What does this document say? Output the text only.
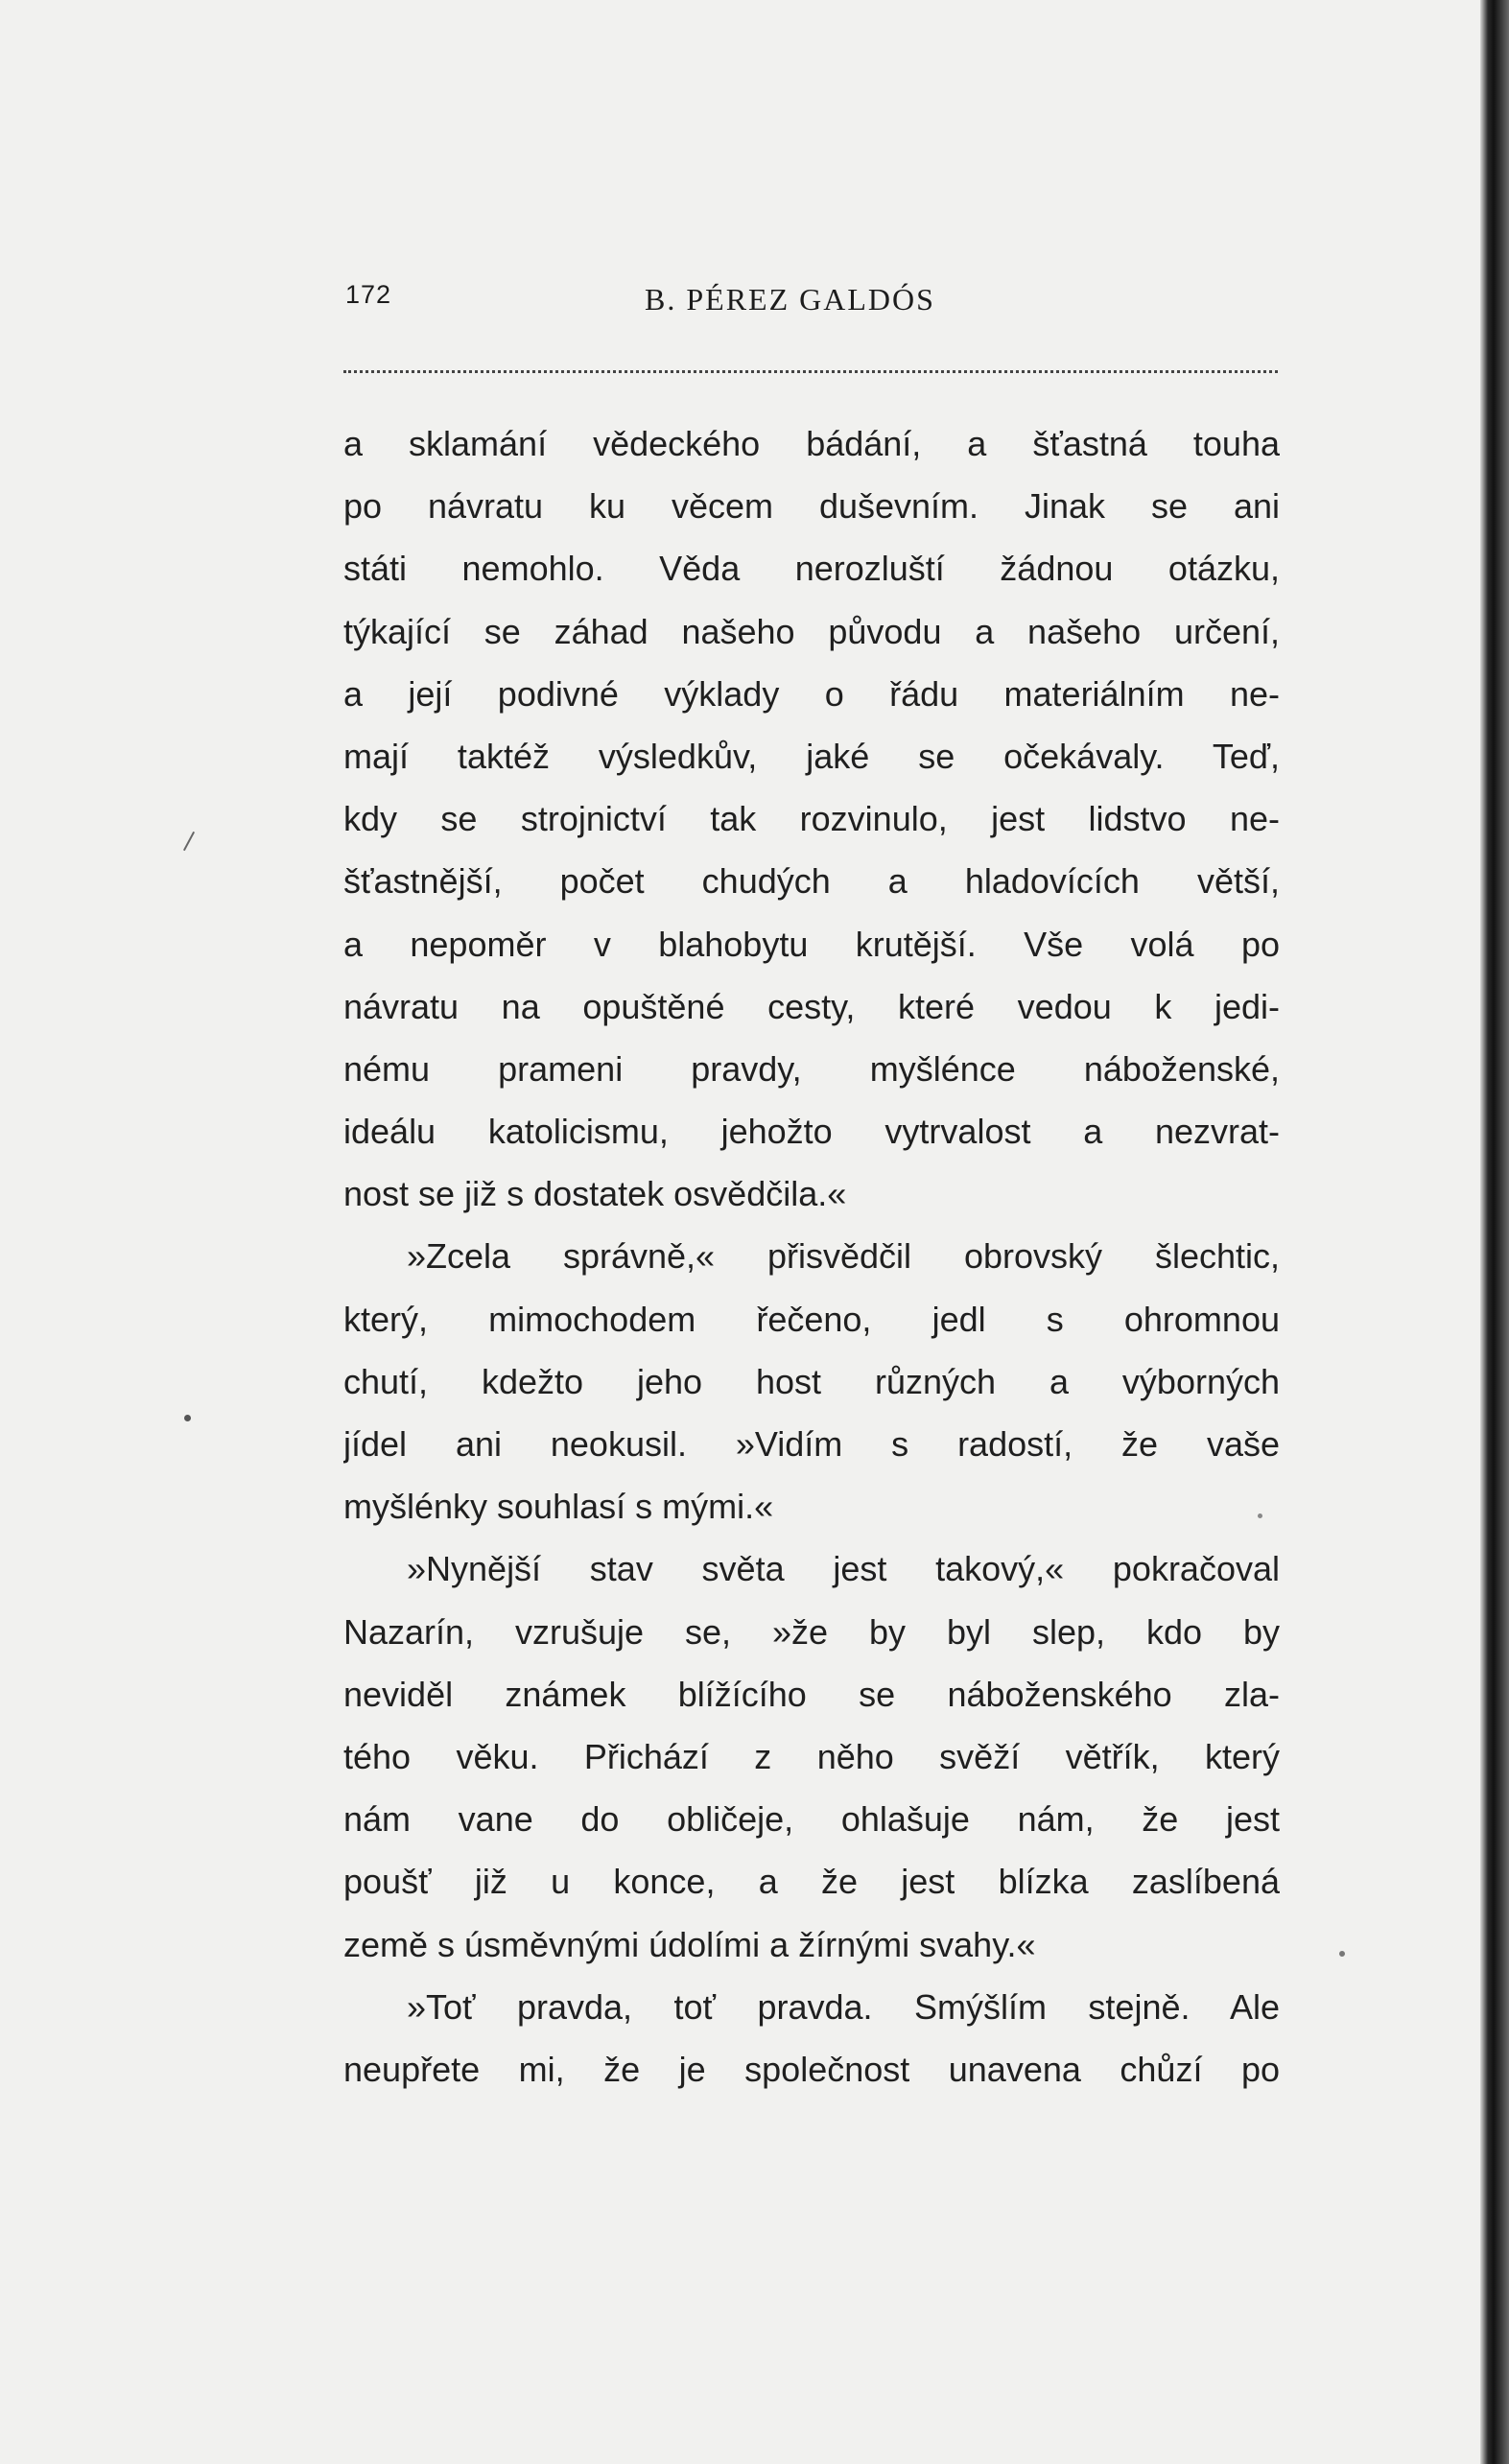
172	B. PÉREZ GALDÓS
a sklamání vědeckého bádání, a šťastná touha
po návratu ku věcem duševním. Jinak se ani
státi nemohlo. Věda nerozluští žádnou otázku,
týkající se záhad našeho původu a našeho určení,
a její podivné výklady o řádu materiálním ne-
mají taktéž výsledkův, jaké se očekávaly. Teď,
kdy se strojnictví tak rozvinulo, jest lidstvo ne-
šťastnější, počet chudých a hladovících větší,
a nepoměr v blahobytu krutější. Vše volá po
návratu na opuštěné cesty, které vedou k jedi-
nému prameni pravdy, myšlénce náboženské,
ideálu katolicismu, jehožto vytrvalost a nezvrat-
nost se již s dostatek osvědčila.«
»Zcela správně,« přisvědčil obrovský šlechtic,
který, mimochodem řečeno, jedl s ohromnou
chutí, kdežto jeho host různých a výborných
jídel ani neokusil. »Vidím s radostí, že vaše
myšlénky souhlasí s mými.«
»Nynější stav světa jest takový,« pokračoval
Nazarín, vzrušuje se, »že by byl slep, kdo by
neviděl známek blížícího se náboženského zla-
tého věku. Přichází z něho svěží větřík, který
nám vane do obličeje, ohlašuje nám, že jest
poušť již u konce, a že jest blízka zaslíbená
země s úsměvnými údolími a žírnými svahy.«
»Toť pravda, toť pravda. Smýšlím stejně. Ale
neupřete mi, že je společnost unavena chůzí po
